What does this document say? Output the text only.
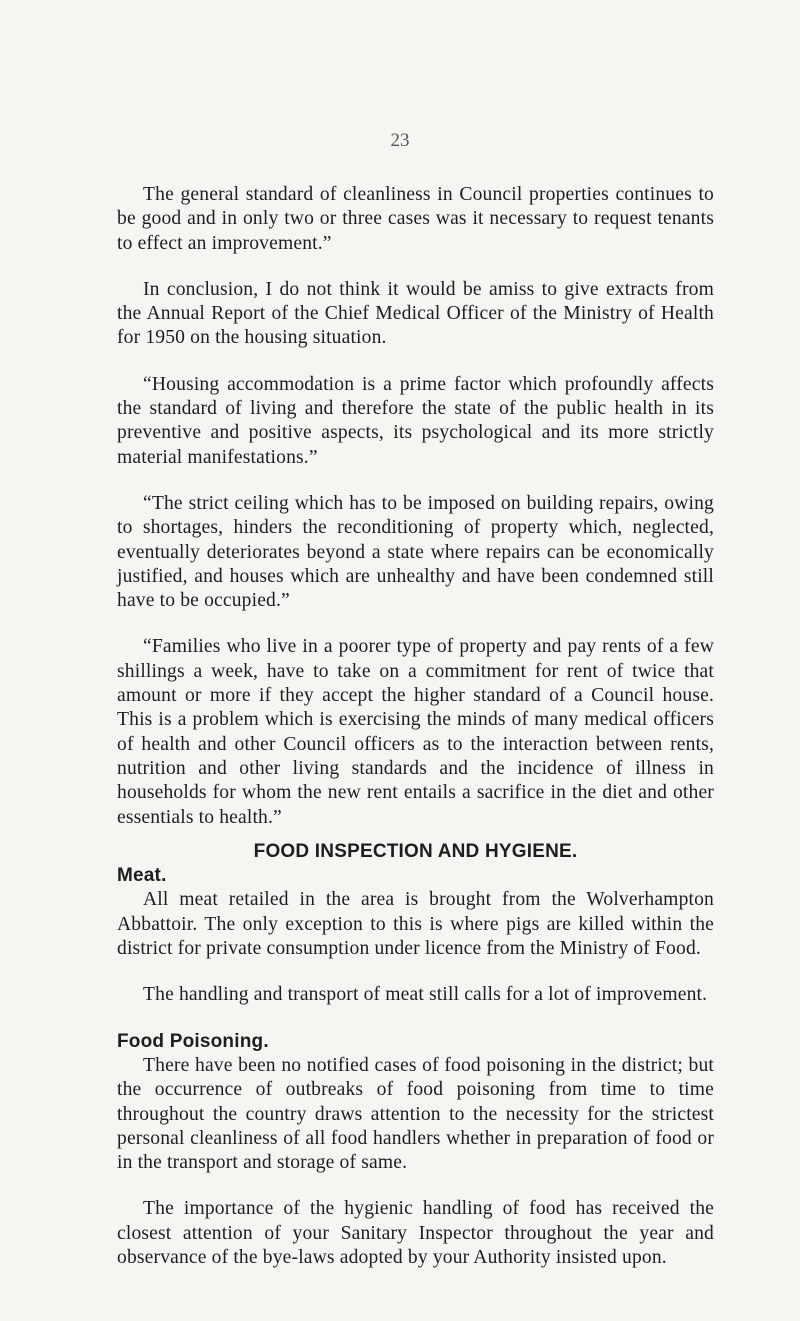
23

The general standard of cleanliness in Council properties continues to be good and in only two or three cases was it necessary to request tenants to effect an improvement.”

In conclusion, I do not think it would be amiss to give extracts from the Annual Report of the Chief Medical Officer of the Ministry of Health for 1950 on the housing situation.

“Housing accommodation is a prime factor which profoundly affects the standard of living and therefore the state of the public health in its preventive and positive aspects, its psychological and its more strictly material manifestations.”

“The strict ceiling which has to be imposed on building repairs, owing to shortages, hinders the reconditioning of property which, neglected, eventually deteriorates beyond a state where repairs can be economically justified, and houses which are unhealthy and have been condemned still have to be occupied.”

“Families who live in a poorer type of property and pay rents of a few shillings a week, have to take on a commitment for rent of twice that amount or more if they accept the higher standard of a Council house. This is a problem which is exercising the minds of many medical officers of health and other Council officers as to the interaction between rents, nutrition and other living standards and the incidence of illness in households for whom the new rent entails a sacrifice in the diet and other essentials to health.”

FOOD INSPECTION AND HYGIENE.
Meat.

All meat retailed in the area is brought from the Wolverhampton Abbattoir. The only exception to this is where pigs are killed within the district for private consumption under licence from the Ministry of Food.

The handling and transport of meat still calls for a lot of improvement.

Food Poisoning.

There have been no notified cases of food poisoning in the district; but the occurrence of outbreaks of food poisoning from time to time throughout the country draws attention to the necessity for the strictest personal cleanliness of all food handlers whether in preparation of food or in the transport and storage of same.

The importance of the hygienic handling of food has received the closest attention of your Sanitary Inspector throughout the year and observance of the bye-laws adopted by your Authority insisted upon.
